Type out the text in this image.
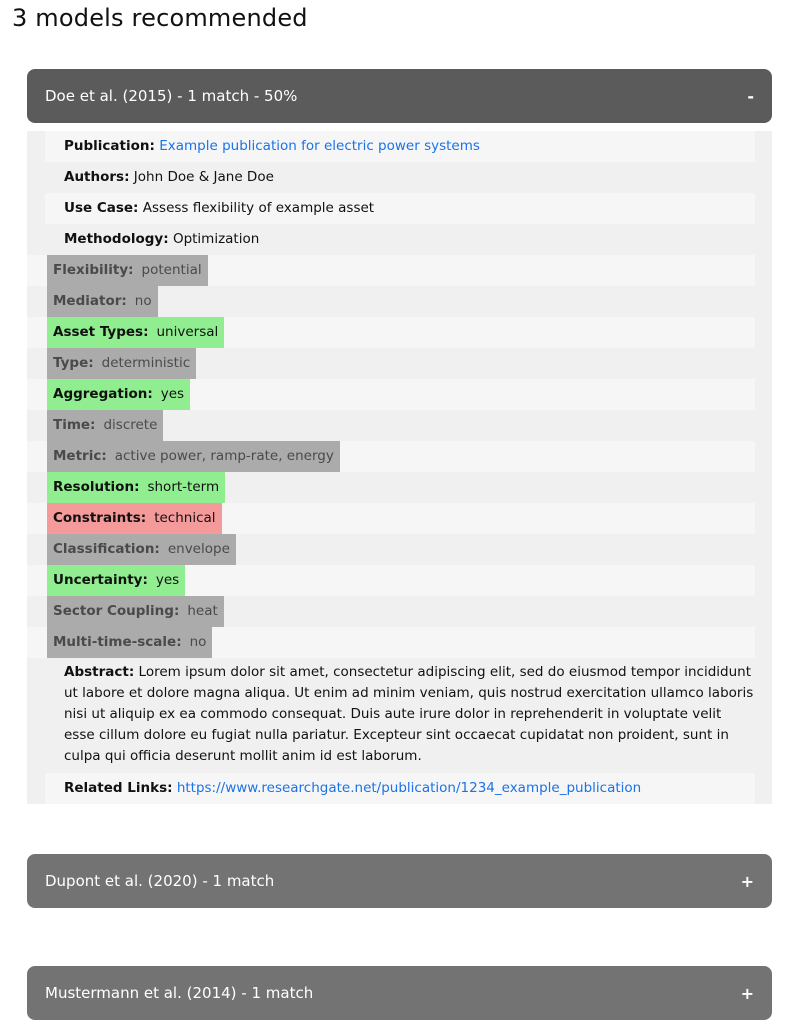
3 models recommended
Doe et al. (2015) - 1 match - 50%	-
Publication: Example publication for electric power systems
Authors: John Doe & Jane Doe
Use Case: Assess flexibility of example asset
Methodology: Optimization
Flexibility: potential
Mediator: no
Asset Types: universal
Type: deterministic
Aggregation: yes
Time: discrete
Metric: active power, ramp-rate, energy
Resolution: short-term
Constraints: technical
Classification: envelope
Uncertainty: yes
Sector Coupling: heat
Multi-time-scale: no
Abstract: Lorem ipsum dolor sit amet, consectetur adipiscing elit, sed do eiusmod tempor incididunt ut labore et dolore magna aliqua. Ut enim ad minim veniam, quis nostrud exercitation ullamco laboris nisi ut aliquip ex ea commodo consequat. Duis aute irure dolor in reprehenderit in voluptate velit esse cillum dolore eu fugiat nulla pariatur. Excepteur sint occaecat cupidatat non proident, sunt in culpa qui officia deserunt mollit anim id est laborum.
Related Links: https://www.researchgate.net/publication/1234_example_publication
Dupont et al. (2020) - 1 match	+
Mustermann et al. (2014) - 1 match	+
